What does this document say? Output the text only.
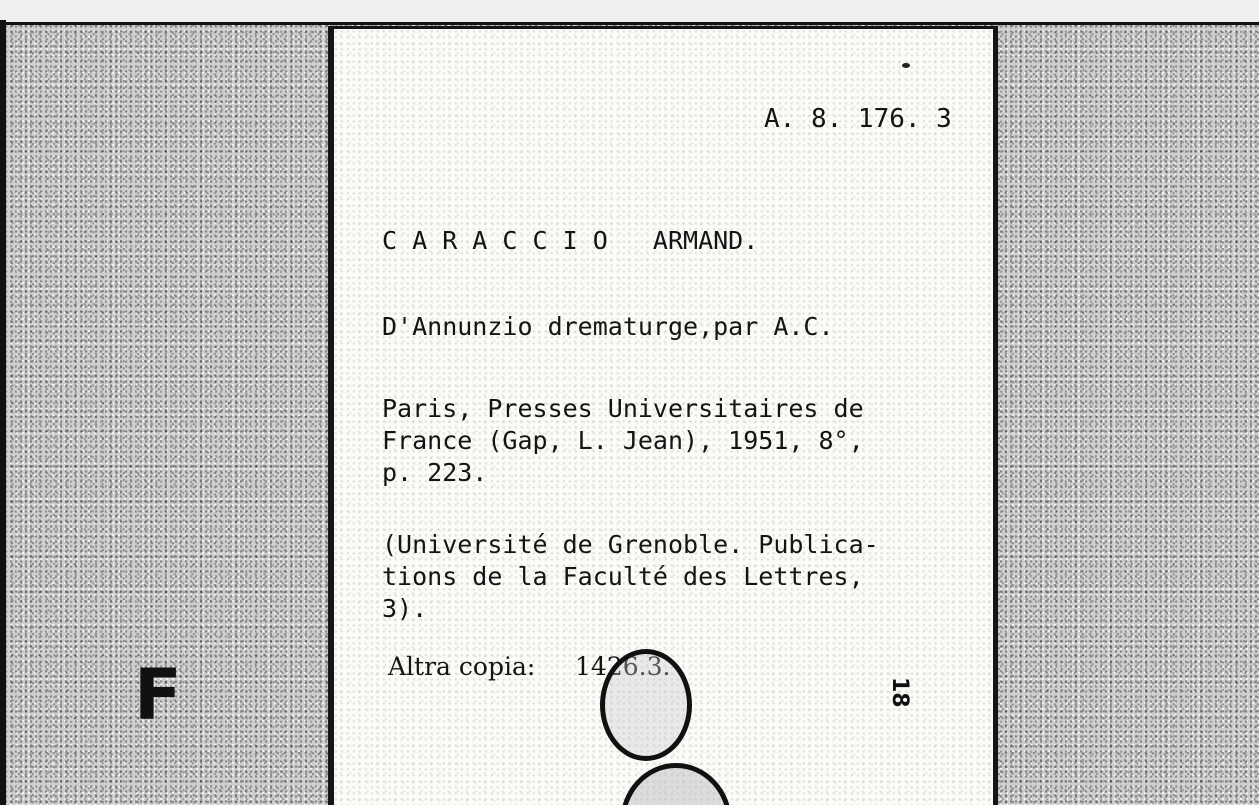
F

A. 8. 176. 3

C A R A C C I O   ARMAND.

D'Annunzio drematurge,par A.C.

Paris, Presses Universitaires de
France (Gap, L. Jean), 1951, 8°,
p. 223.

(Université de Grenoble. Publica-
tions de la Faculté des Lettres,
3).

Altra copia:     1426.3.

18
